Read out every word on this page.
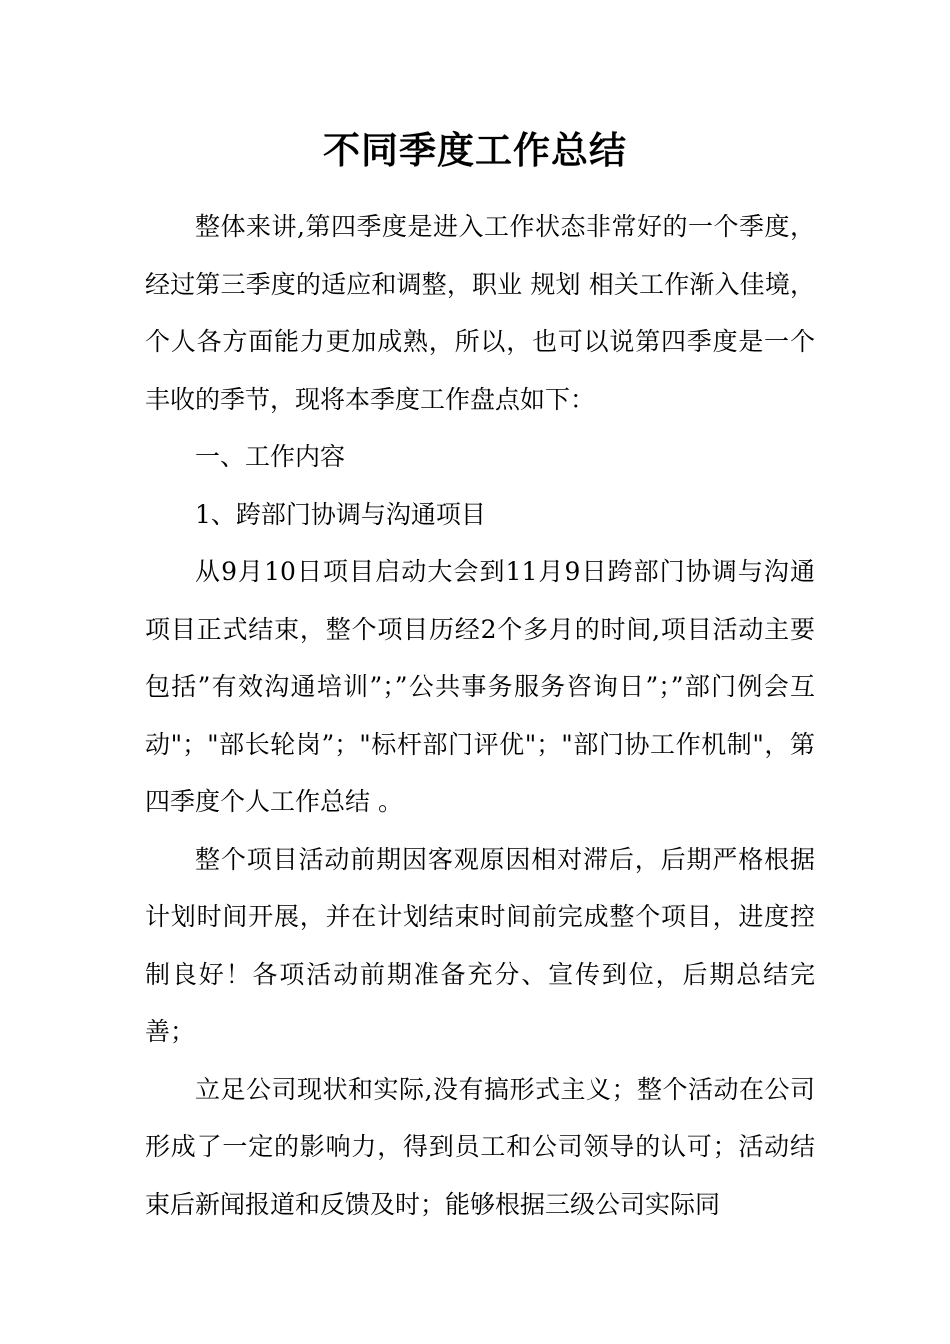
不同季度工作总结

整体来讲,第四季度是进入工作状态非常好的一个季度，经过第三季度的适应和调整，职业 规划 相关工作渐入佳境，个人各方面能力更加成熟，所以，也可以说第四季度是一个丰收的季节，现将本季度工作盘点如下：

一、工作内容

1、跨部门协调与沟通项目

从9月10日项目启动大会到11月9日跨部门协调与沟通项目正式结束，整个项目历经2个多月的时间,项目活动主要包括”有效沟通培训”；”公共事务服务咨询日”；”部门例会互动"；"部长轮岗”；"标杆部门评优"；"部门协工作机制"，第四季度个人工作总结 。

整个项目活动前期因客观原因相对滞后，后期严格根据计划时间开展，并在计划结束时间前完成整个项目，进度控制良好！各项活动前期准备充分、宣传到位，后期总结完善；

立足公司现状和实际,没有搞形式主义；整个活动在公司形成了一定的影响力，得到员工和公司领导的认可；活动结束后新闻报道和反馈及时；能够根据三级公司实际同
